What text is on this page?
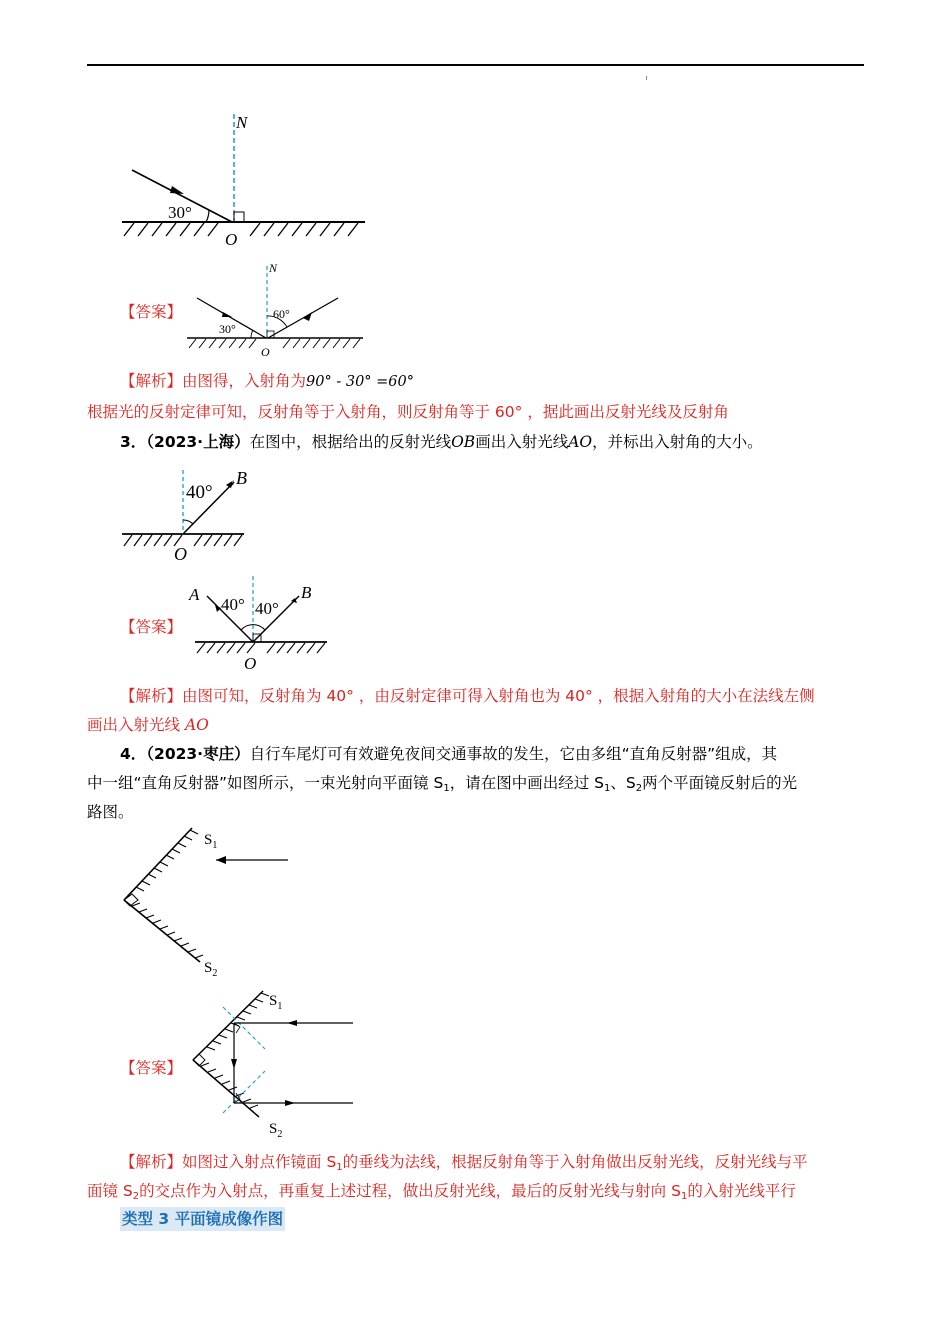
30°
N
O
【答案】
30°
60°
N
O
【解析】由图得，入射角为90° - 30° =60°
根据光的反射定律可知，反射角等于入射角，则反射角等于 60° ，据此画出反射光线及反射角
3．（2023·上海）在图中，根据给出的反射光线OB画出入射光线AO，并标出入射角的大小。
40°
B
O
【答案】
A
40° 40°
B
O
【解析】由图可知，反射角为 40° ，由反射定律可得入射角也为 40° ，根据入射角的大小在法线左侧
画出入射光线 AO
4．（2023·枣庄）自行车尾灯可有效避免夜间交通事故的发生，它由多组“直角反射器”组成，其
中一组“直角反射器”如图所示，一束光射向平面镜 $S_1$，请在图中画出经过 $S_1$、$S_2$两个平面镜反射后的光
路图。
$S_1$
$S_2$
【答案】
$S_1$
$S_2$
【解析】如图过入射点作镜面 $S_1$的垂线为法线，根据反射角等于入射角做出反射光线，反射光线与平
面镜 $S_2$的交点作为入射点，再重复上述过程，做出反射光线，最后的反射光线与射向 $S_1$的入射光线平行
类型 3 平面镜成像作图
